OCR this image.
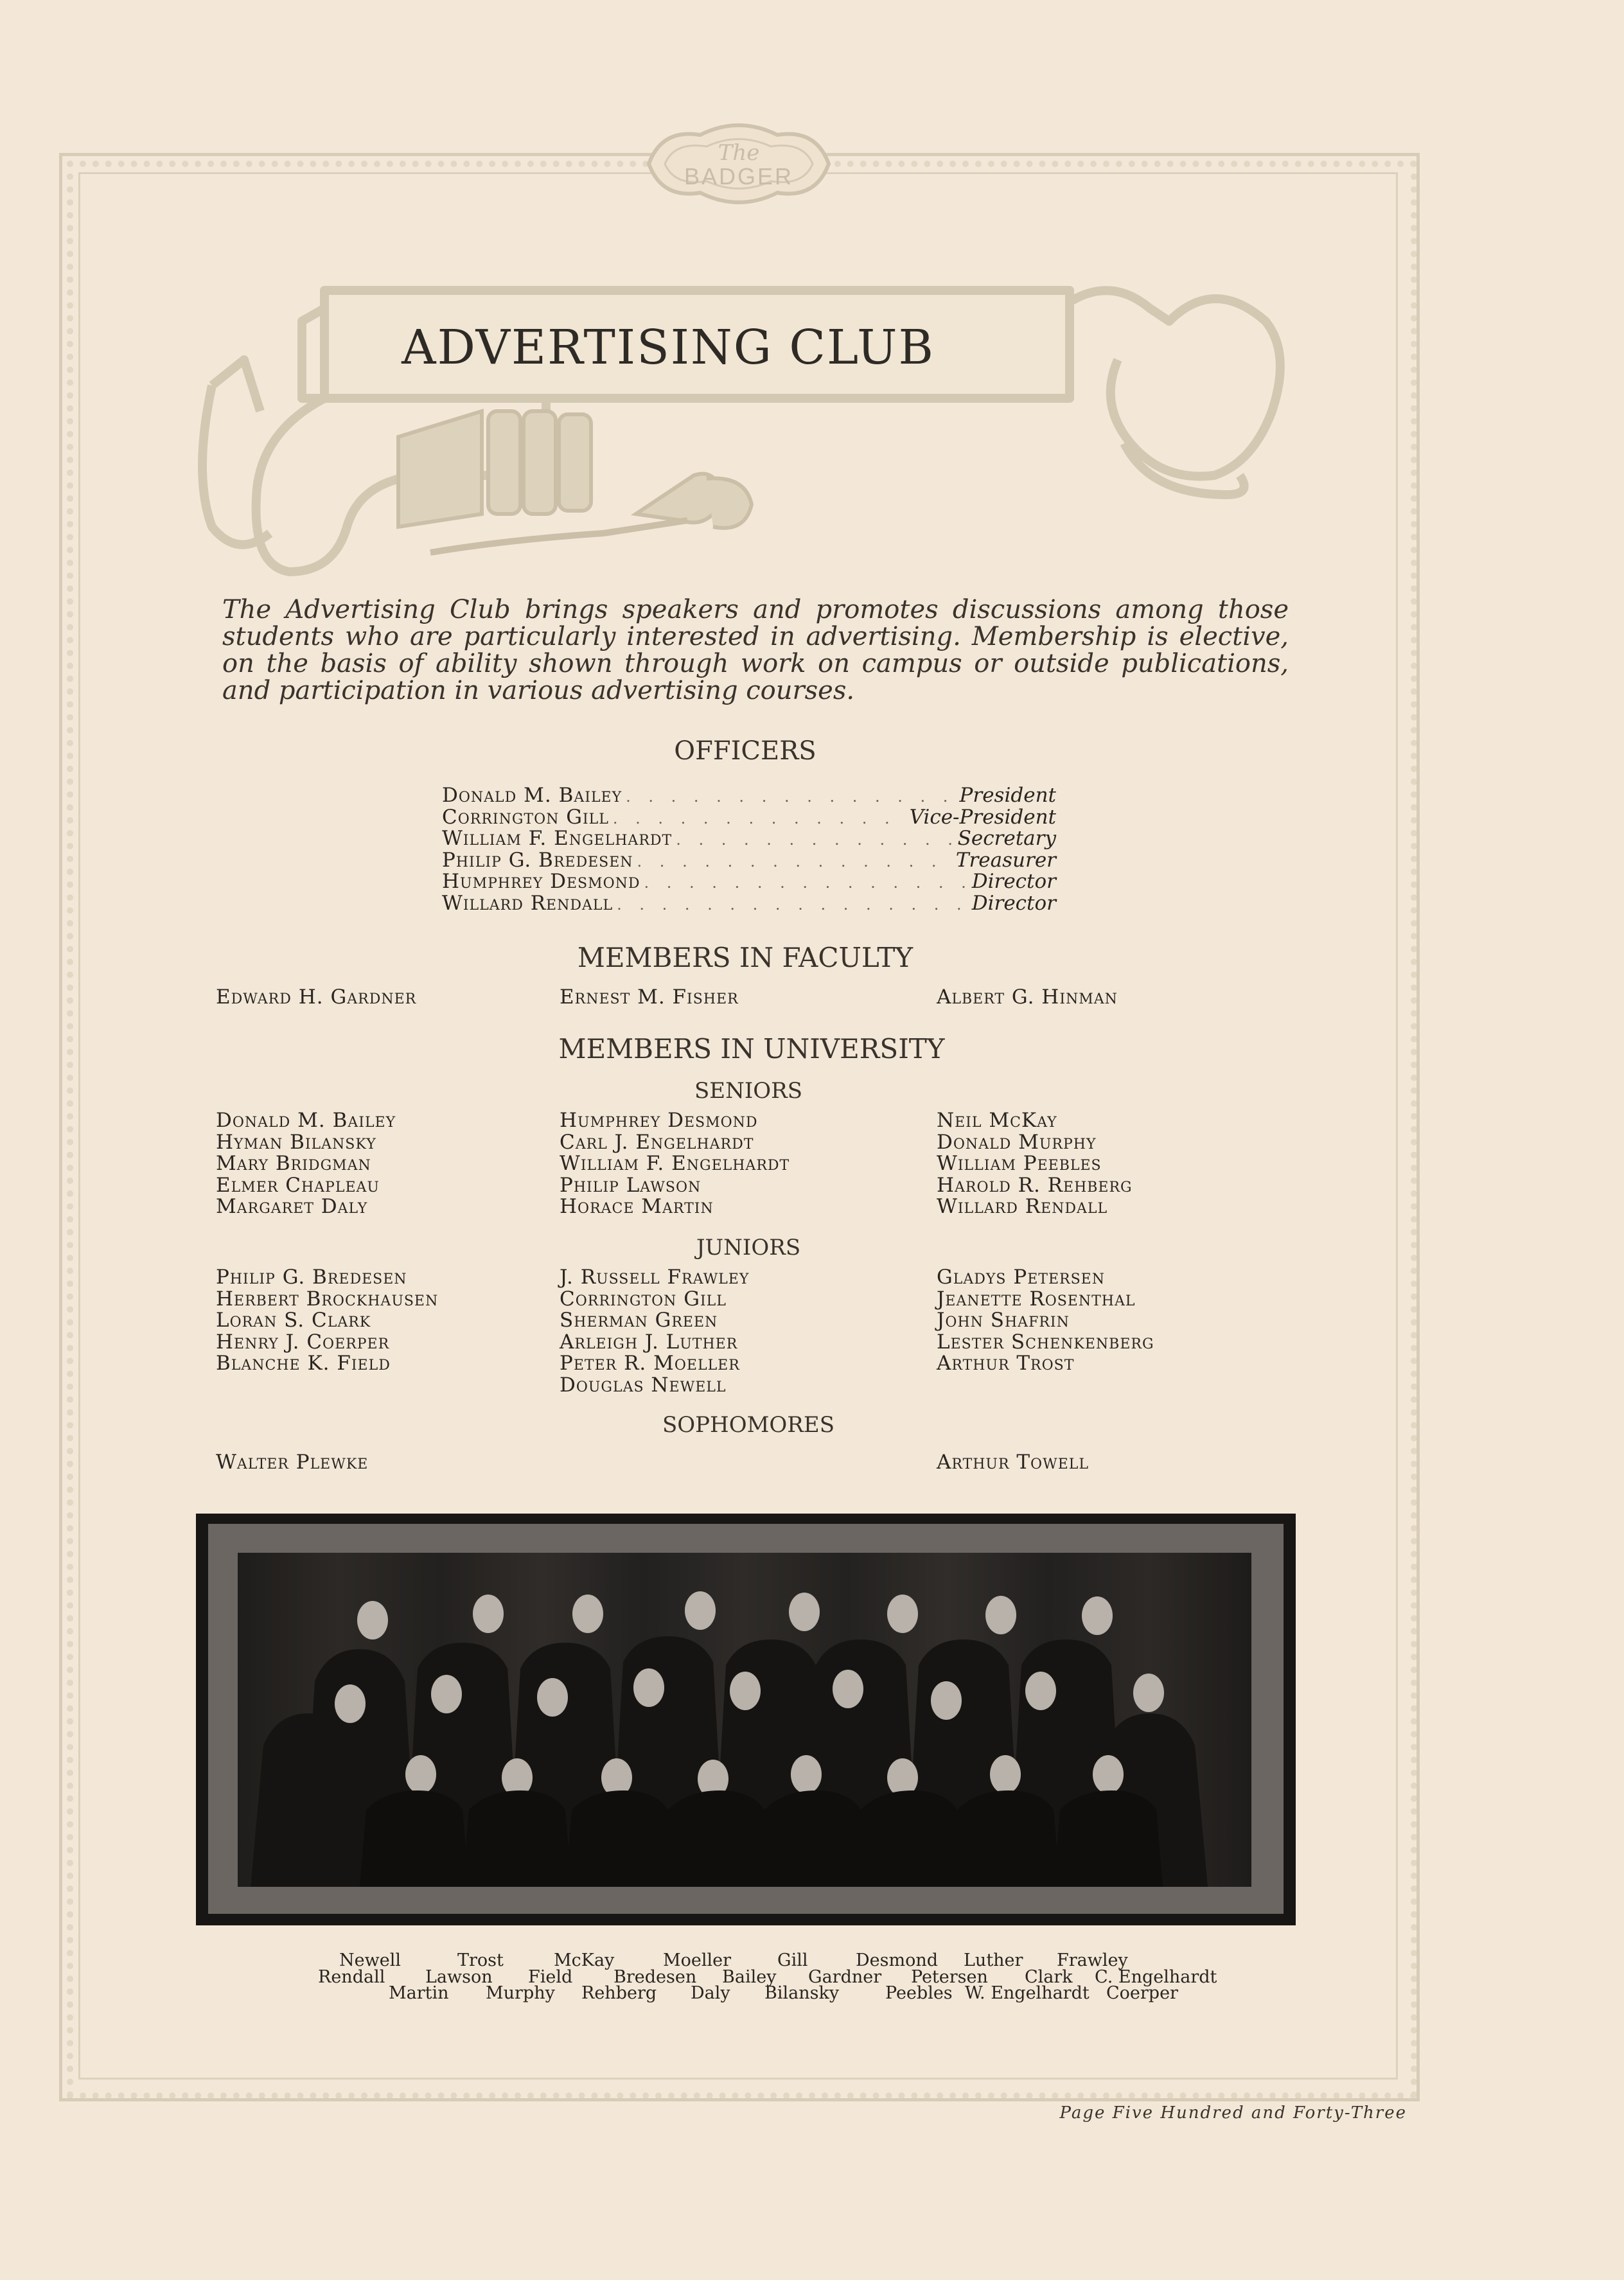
The
BADGER
ADVERTISING CLUB
The Advertising Club brings speakers and promotes discussions among those students who are particularly interested in advertising. Membership is elective, on the basis of ability shown through work on campus or outside publications, and participation in various advertising courses.
OFFICERS
Donald M. Bailey . . .	President
Corrington Gill . . .	Vice-President
William F. Engelhardt . . .	Secretary
Philip G. Bredesen . . .	Treasurer
Humphrey Desmond . . .	Director
Willard Rendall . . .	Director
MEMBERS IN FACULTY
Edward H. Gardner	Ernest M. Fisher	Albert G. Hinman
MEMBERS IN UNIVERSITY
SENIORS
Donald M. Bailey
Hyman Bilansky
Mary Bridgman
Elmer Chapleau
Margaret Daly
Humphrey Desmond
Carl J. Engelhardt
William F. Engelhardt
Philip Lawson
Horace Martin
Neil McKay
Donald Murphy
William Peebles
Harold R. Rehberg
Willard Rendall
JUNIORS
Philip G. Bredesen
Herbert Brockhausen
Loran S. Clark
Henry J. Coerper
Blanche K. Field
J. Russell Frawley
Corrington Gill
Sherman Green
Arleigh J. Luther
Peter R. Moeller
Douglas Newell
Gladys Petersen
Jeanette Rosenthal
John Shafrin
Lester Schenkenberg
Arthur Trost
SOPHOMORES
Walter Plewke	Arthur Towell
Newell	Trost	McKay	Moeller	Gill	Desmond Luther Frawley
Rendall Lawson Field Bredesen Bailey Gardner Petersen Clark C. Engelhardt
Martin Murphy Rehberg Daly Bilansky	Peebles W. Engelhardt Coerper
Page Five Hundred and Forty-Three
